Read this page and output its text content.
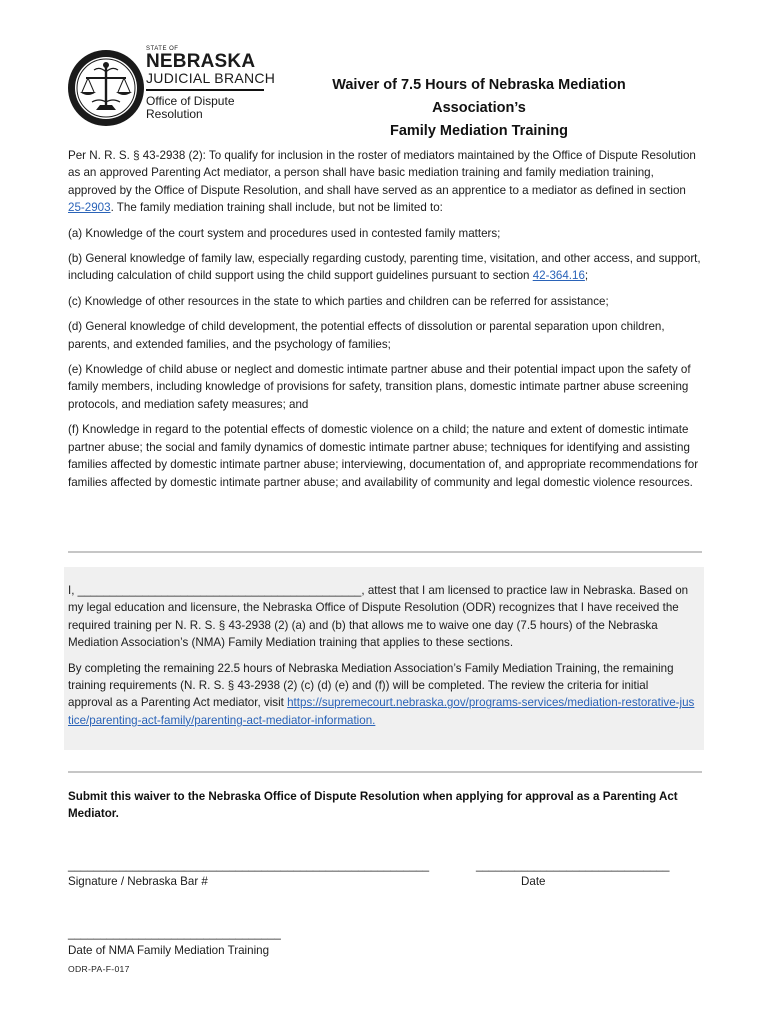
STATE OF
NEBRASKA
JUDICIAL BRANCH
Office of Dispute
Resolution
Waiver of 7.5 Hours of Nebraska Mediation Association’s
Family Mediation Training

Per N. R. S. § 43-2938 (2): To qualify for inclusion in the roster of mediators maintained by the Office of Dispute Resolution as an approved Parenting Act mediator, a person shall have basic mediation training and family mediation training, approved by the Office of Dispute Resolution, and shall have served as an apprentice to a mediator as defined in section 25-2903. The family mediation training shall include, but not be limited to:

(a) Knowledge of the court system and procedures used in contested family matters;

(b) General knowledge of family law, especially regarding custody, parenting time, visitation, and other access, and support, including calculation of child support using the child support guidelines pursuant to section 42-364.16;

(c) Knowledge of other resources in the state to which parties and children can be referred for assistance;

(d) General knowledge of child development, the potential effects of dissolution or parental separation upon children, parents, and extended families, and the psychology of families;

(e) Knowledge of child abuse or neglect and domestic intimate partner abuse and their potential impact upon the safety of family members, including knowledge of provisions for safety, transition plans, domestic intimate partner abuse screening protocols, and mediation safety measures; and

(f) Knowledge in regard to the potential effects of domestic violence on a child; the nature and extent of domestic intimate partner abuse; the social and family dynamics of domestic intimate partner abuse; techniques for identifying and assisting families affected by domestic intimate partner abuse; interviewing, documentation of, and appropriate recommendations for families affected by domestic intimate partner abuse; and availability of community and legal domestic violence resources.

I, ____________________________________________, attest that I am licensed to practice law in Nebraska. Based on my legal education and licensure, the Nebraska Office of Dispute Resolution (ODR) recognizes that I have received the required training per N. R. S. § 43-2938 (2) (a) and (b) that allows me to waive one day (7.5 hours) of the Nebraska Mediation Association’s (NMA) Family Mediation training that applies to these sections.

By completing the remaining 22.5 hours of Nebraska Mediation Association’s Family Mediation Training, the remaining training requirements (N. R. S. § 43-2938 (2) (c) (d) (e) and (f)) will be completed. The review the criteria for initial approval as a Parenting Act mediator, visit https://supremecourt.nebraska.gov/programs-services/mediation-restorative-justice/parenting-act-family/parenting-act-mediator-information.

Submit this waiver to the Nebraska Office of Dispute Resolution when applying for approval as a Parenting Act Mediator.
________________________________________________________	______________________________
Signature / Nebraska Bar #	Date
_________________________________
Date of NMA Family Mediation Training
ODR-PA-F-017
